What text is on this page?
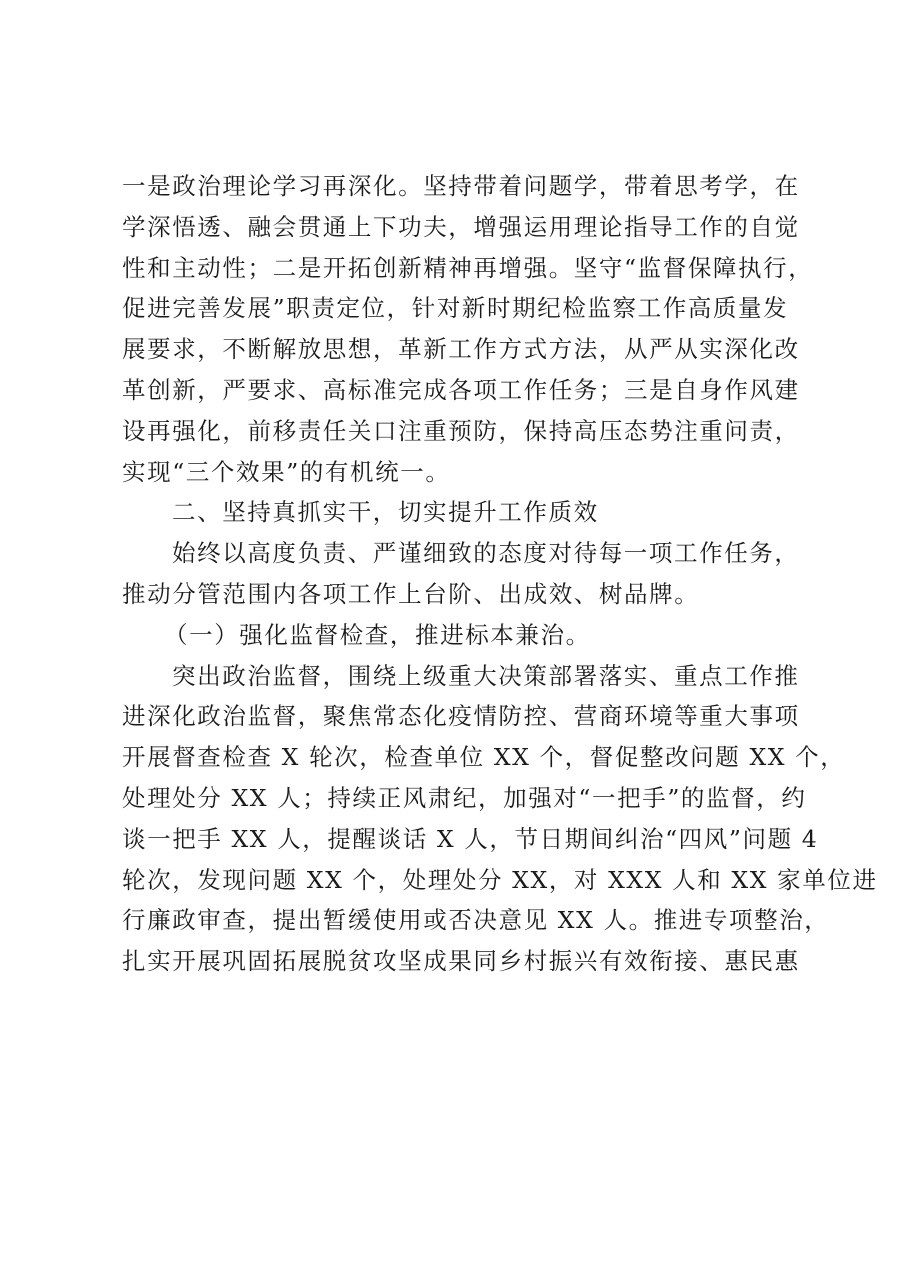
一是政治理论学习再深化。坚持带着问题学，带着思考学，在
学深悟透、融会贯通上下功夫，增强运用理论指导工作的自觉
性和主动性；二是开拓创新精神再增强。坚守“监督保障执行，
促进完善发展”职责定位，针对新时期纪检监察工作高质量发
展要求，不断解放思想，革新工作方式方法，从严从实深化改
革创新，严要求、高标准完成各项工作任务；三是自身作风建
设再强化，前移责任关口注重预防，保持高压态势注重问责，
实现“三个效果”的有机统一。
二、坚持真抓实干，切实提升工作质效
始终以高度负责、严谨细致的态度对待每一项工作任务，
推动分管范围内各项工作上台阶、出成效、树品牌。
（一）强化监督检查，推进标本兼治。
突出政治监督，围绕上级重大决策部署落实、重点工作推
进深化政治监督，聚焦常态化疫情防控、营商环境等重大事项
开展督查检查 X 轮次，检查单位 XX 个，督促整改问题 XX 个，
处理处分 XX 人；持续正风肃纪，加强对“一把手”的监督，约
谈一把手 XX 人，提醒谈话 X 人，节日期间纠治“四风”问题 4
轮次，发现问题 XX 个，处理处分 XX，对 XXX 人和 XX 家单位进
行廉政审查，提出暂缓使用或否决意见 XX 人。推进专项整治，
扎实开展巩固拓展脱贫攻坚成果同乡村振兴有效衔接、惠民惠
